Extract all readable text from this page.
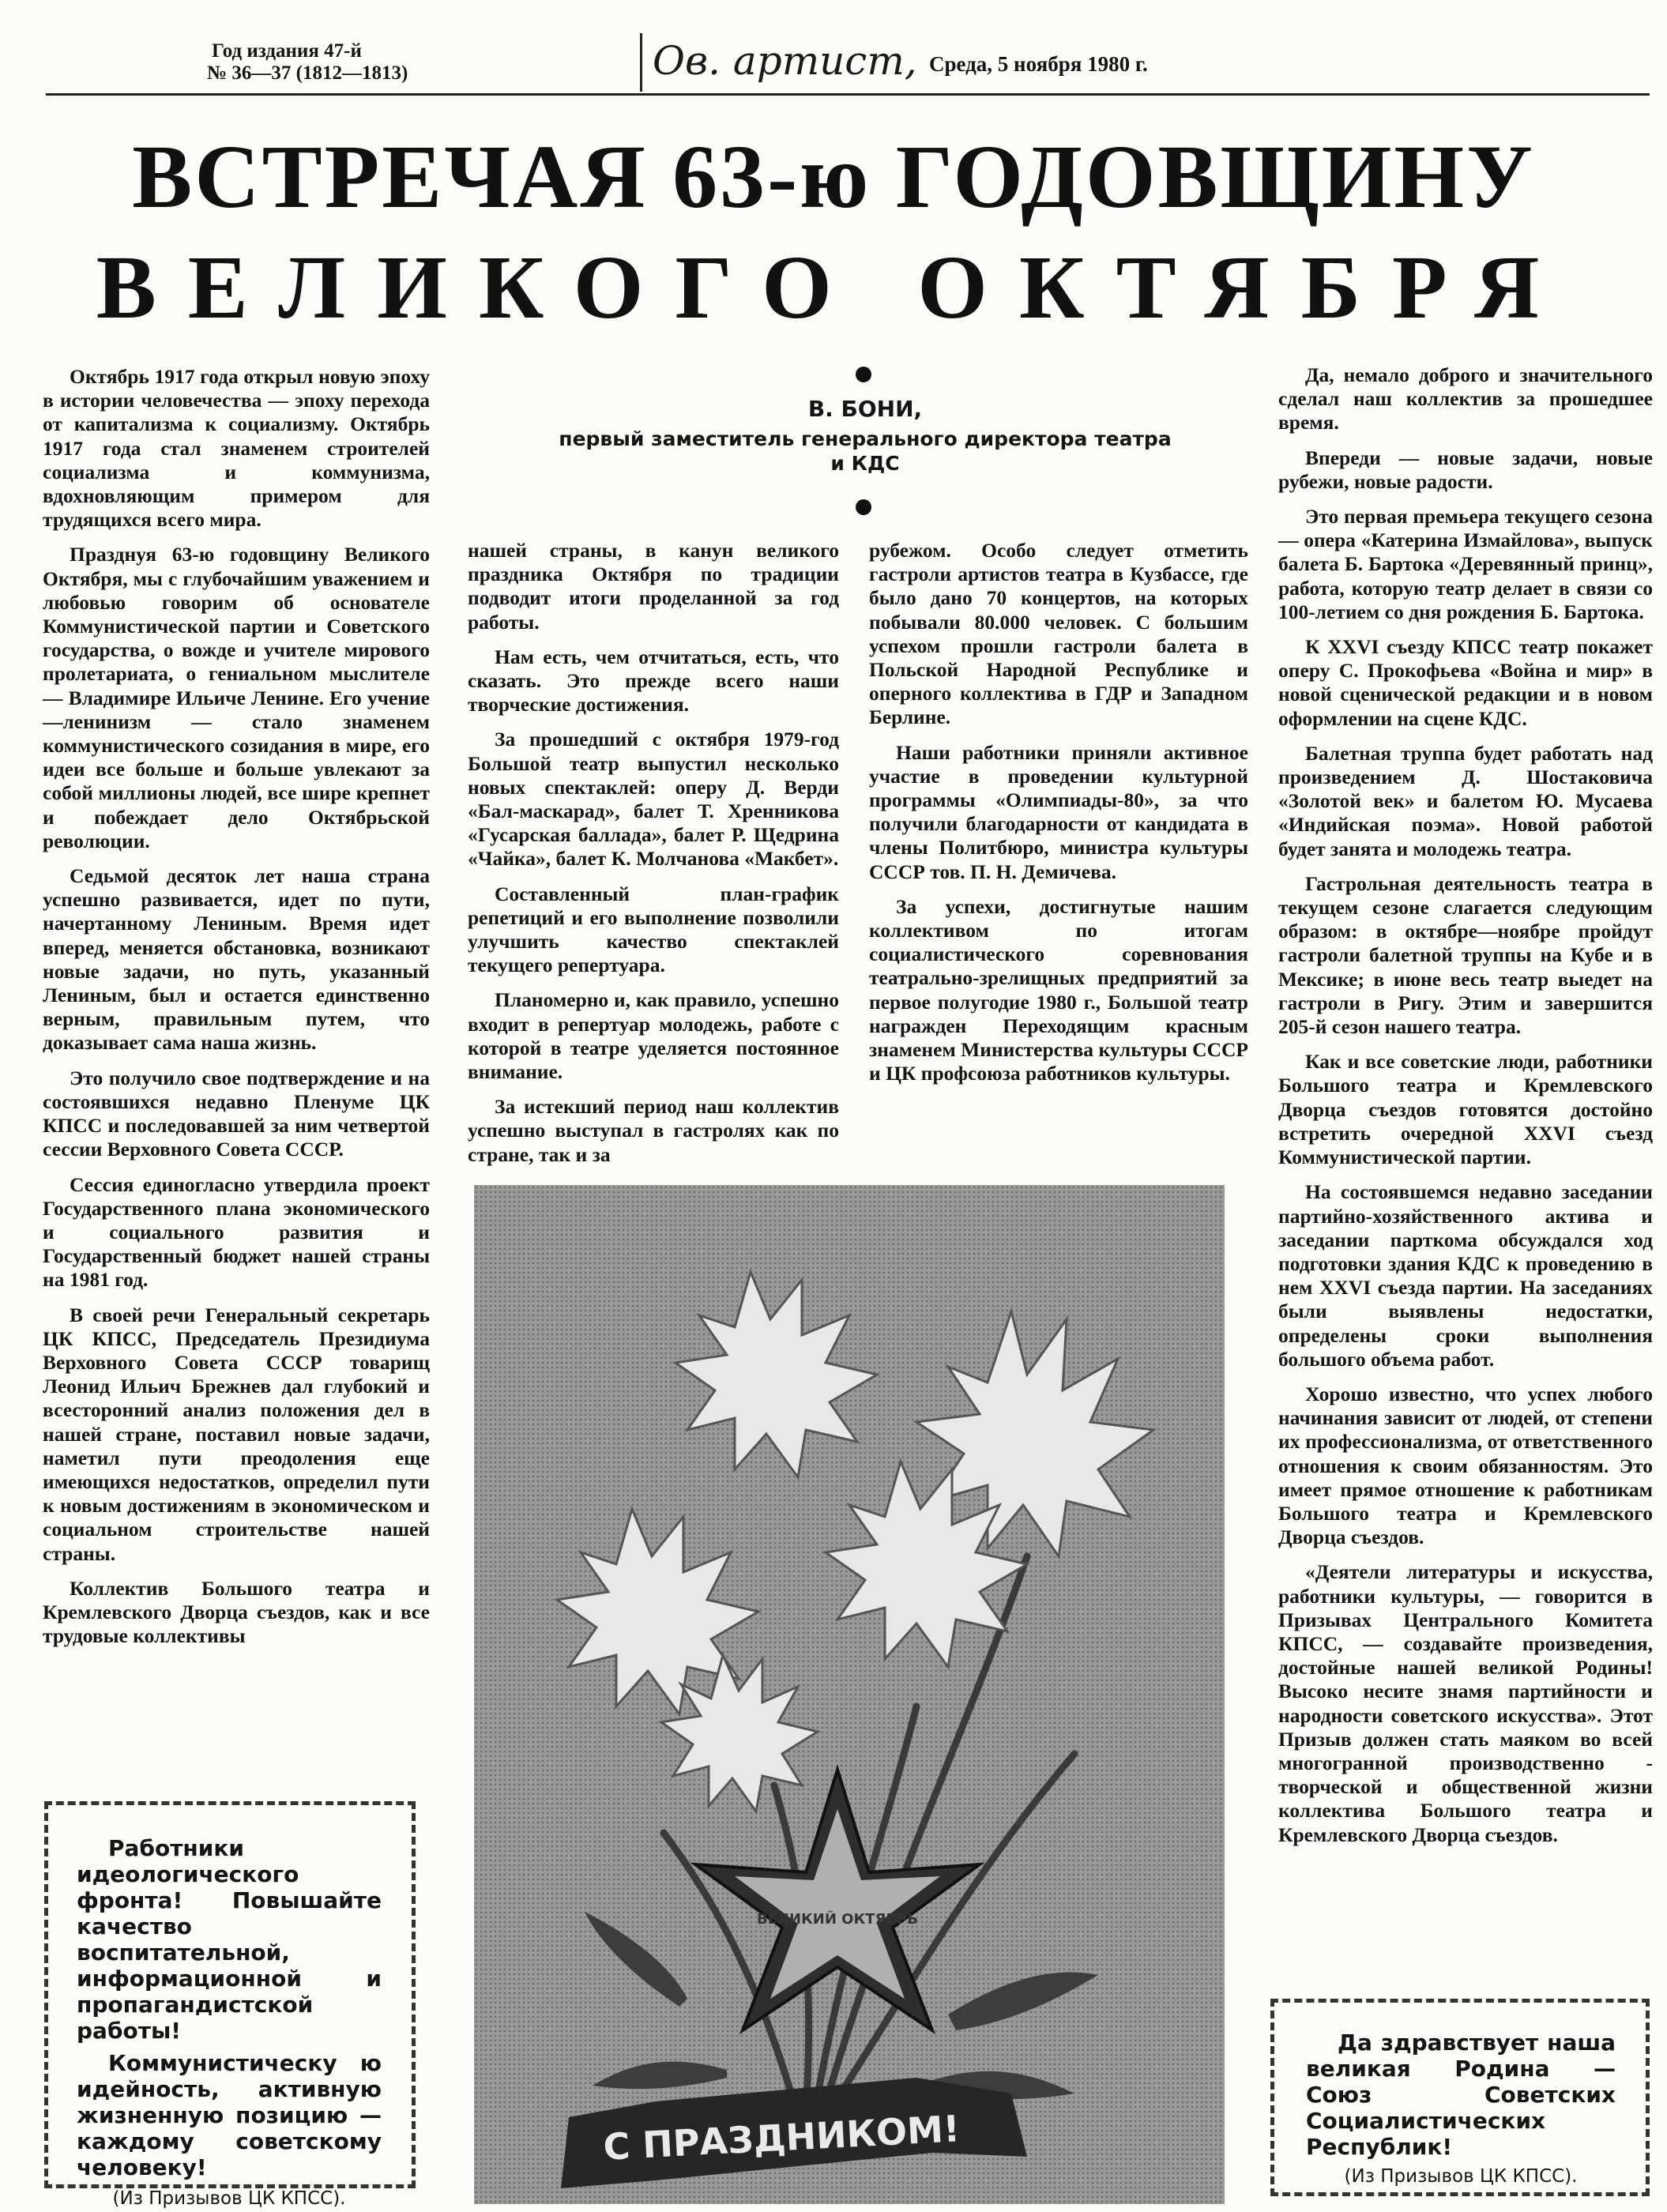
Год издания 47-й
№ 36—37 (1812—1813)	Ов. артист, Среда, 5 ноября 1980 г.
ВСТРЕЧАЯ 63-ю ГОДОВЩИНУ
ВЕЛИКОГО ОКТЯБРЯ
В. БОНИ,
первый заместитель генерального директора театра и КДС

Октябрь 1917 года открыл новую эпоху в истории человечества — эпоху перехода от капитализма к социализму. Октябрь 1917 года стал знаменем строителей социализма и коммунизма, вдохновляющим примером для трудящихся всего мира.

Празднуя 63-ю годовщину Великого Октября, мы с глубочайшим уважением и любовью говорим об основателе Коммунистической партии и Советского государства, о вожде и учителе мирового пролетариата, о гениальном мыслителе — Владимире Ильиче Ленине. Его учение—ленинизм — стало знаменем коммунистического созидания в мире, его идеи все больше и больше увлекают за собой миллионы людей, все шире крепнет и побеждает дело Октябрьской революции.

Седьмой десяток лет наша страна успешно развивается, идет по пути, начертанному Лениным. Время идет вперед, меняется обстановка, возникают новые задачи, но путь, указанный Лениным, был и остается единственно верным, правильным путем, что доказывает сама наша жизнь.

Это получило свое подтверждение и на состоявшихся недавно Пленуме ЦК КПСС и последовавшей за ним четвертой сессии Верховного Совета СССР.

Сессия единогласно утвердила проект Государственного плана экономического и социального развития и Государственный бюджет нашей страны на 1981 год.

В своей речи Генеральный секретарь ЦК КПСС, Председатель Президиума Верховного Совета СССР товарищ Леонид Ильич Брежнев дал глубокий и всесторонний анализ положения дел в нашей стране, поставил новые задачи, наметил пути преодоления еще имеющихся недостатков, определил пути к новым достижениям в экономическом и социальном строительстве нашей страны.

Коллектив Большого театра и Кремлевского Дворца съездов, как и все трудовые коллективы

нашей страны, в канун великого праздника Октября по традиции подводит итоги проделанной за год работы.

Нам есть, чем отчитаться, есть, что сказать. Это прежде всего наши творческие достижения.

За прошедший с октября 1979-год Большой театр выпустил несколько новых спектаклей: оперу Д. Верди «Бал-маскарад», балет Т. Хренникова «Гусарская баллада», балет Р. Щедрина «Чайка», балет К. Молчанова «Макбет».

Составленный план-график репетиций и его выполнение позволили улучшить качество спектаклей текущего репертуара.

Планомерно и, как правило, успешно входит в репертуар молодежь, работе с которой в театре уделяется постоянное внимание.

За истекший период наш коллектив успешно выступал в гастролях как по стране, так и за

рубежом. Особо следует отметить гастроли артистов театра в Кузбассе, где было дано 70 концертов, на которых побывали 80.000 человек. С большим успехом прошли гастроли балета в Польской Народной Республике и оперного коллектива в ГДР и Западном Берлине.

Наши работники приняли активное участие в проведении культурной программы «Олимпиады-80», за что получили благодарности от кандидата в члены Политбюро, министра культуры СССР тов. П. Н. Демичева.

За успехи, достигнутые нашим коллективом по итогам социалистического соревнования театрально-зрелищных предприятий за первое полугодие 1980 г., Большой театр награжден Переходящим красным знаменем Министерства культуры СССР и ЦК профсоюза работников культуры.

Да, немало доброго и значительного сделал наш коллектив за прошедшее время.

Впереди — новые задачи, новые рубежи, новые радости.

Это первая премьера текущего сезона — опера «Катерина Измайлова», выпуск балета Б. Бартока «Деревянный принц», работа, которую театр делает в связи со 100-летием со дня рождения Б. Бартока.

К XXVI съезду КПСС театр покажет оперу С. Прокофьева «Война и мир» в новой сценической редакции и в новом оформлении на сцене КДС.

Балетная труппа будет работать над произведением Д. Шостаковича «Золотой век» и балетом Ю. Мусаева «Индийская поэма». Новой работой будет занята и молодежь театра.

Гастрольная деятельность театра в текущем сезоне слагается следующим образом: в октябре—ноябре пройдут гастроли балетной труппы на Кубе и в Мексике; в июне весь театр выедет на гастроли в Ригу. Этим и завершится 205-й сезон нашего театра.

Как и все советские люди, работники Большого театра и Кремлевского Дворца съездов готовятся достойно встретить очередной XXVI съезд Коммунистической партии.

На состоявшемся недавно заседании партийно-хозяйственного актива и заседании парткома обсуждался ход подготовки здания КДС к проведению в нем XXVI съезда партии. На заседаниях были выявлены недостатки, определены сроки выполнения большого объема работ.

Хорошо известно, что успех любого начинания зависит от людей, от степени их профессионализма, от ответственного отношения к своим обязанностям. Это имеет прямое отношение к работникам Большого театра и Кремлевского Дворца съездов.

«Деятели литературы и искусства, работники культуры, — говорится в Призывах Центрального Комитета КПСС, — создавайте произведения, достойные нашей великой Родины! Высоко несите знамя партийности и народности советского искусства». Этот Призыв должен стать маяком во всей многогранной производственно - творческой и общественной жизни коллектива Большого театра и Кремлевского Дворца съездов.

ВЕЛИКИЙ ОКТЯБРЬ
С ПРАЗДНИКОМ!

Работники идеологического фронта! Повышайте качество воспитательной, информационной и пропагандистской работы!

Коммунистическу ю идейность, активную жизненную позицию — каждому советскому человеку!

(Из Призывов ЦК КПСС).

Да здравствует наша великая Родина — Союз Советских Социалистических Республик!

(Из Призывов ЦК КПСС).
